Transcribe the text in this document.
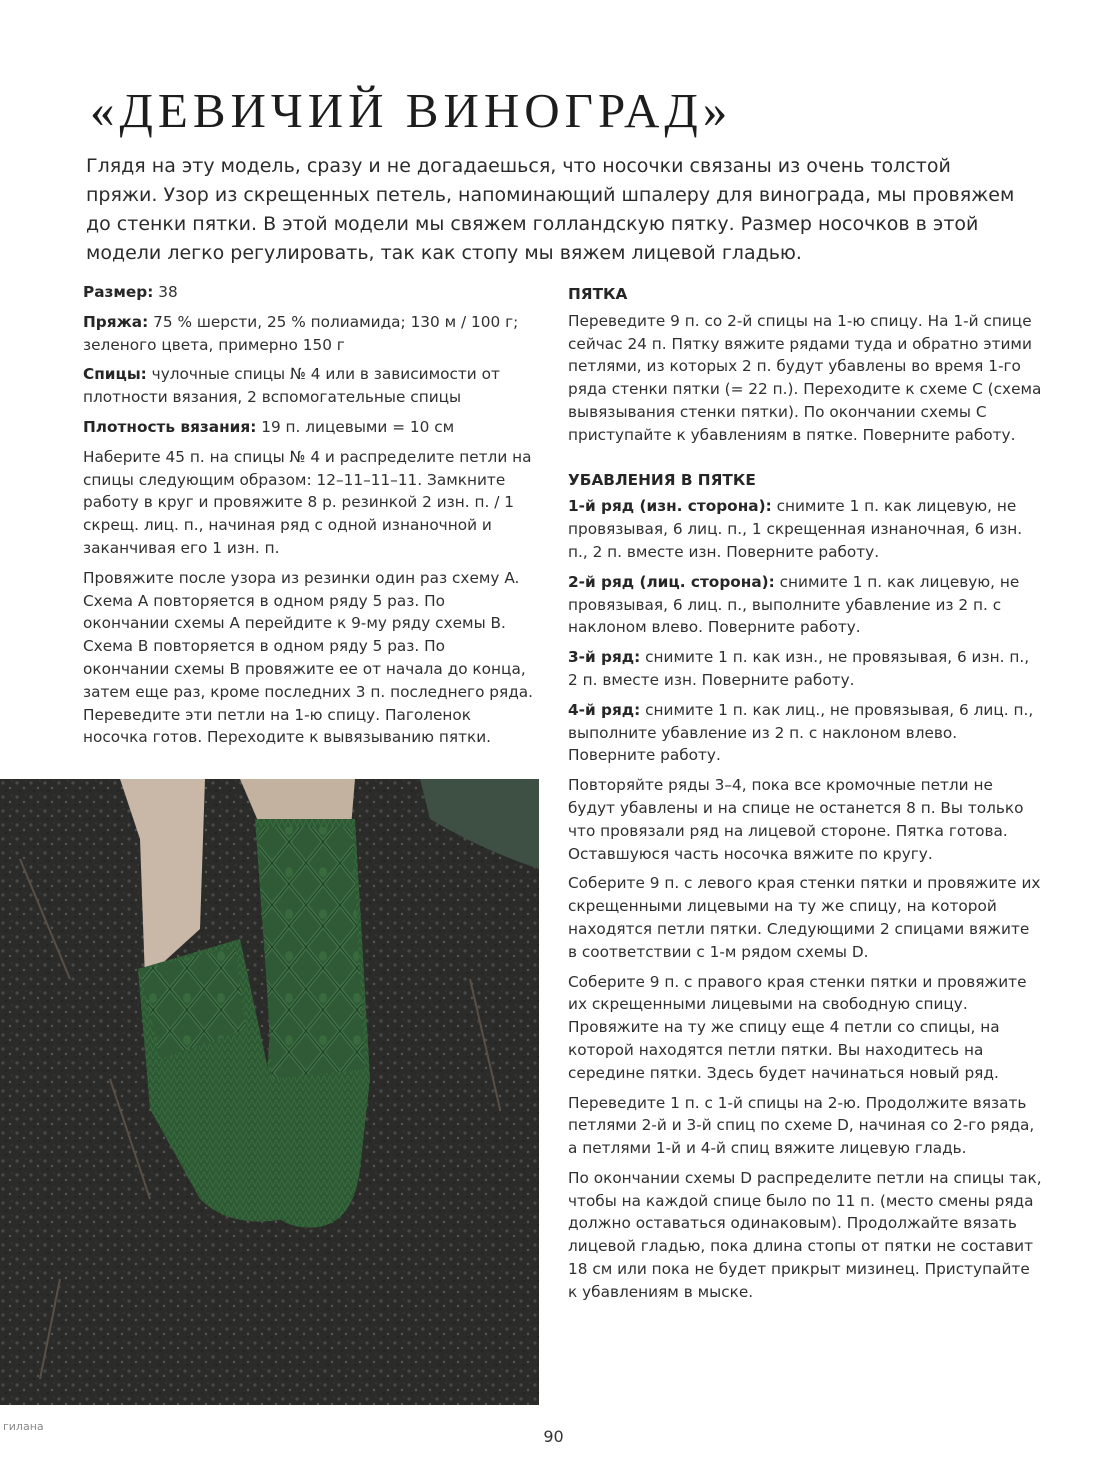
«ДЕВИЧИЙ ВИНОГРАД»

Глядя на эту модель, сразу и не догадаешься, что носочки связаны из очень толстой пряжи. Узор из скрещенных петель, напоминающий шпалеру для винограда, мы провяжем до стенки пятки. В этой модели мы свяжем голландскую пятку. Размер носочков в этой модели легко регулировать, так как стопу мы вяжем лицевой гладью.

Размер: 38

Пряжа: 75 % шерсти, 25 % полиамида; 130 м / 100 г; зеленого цвета, примерно 150 г

Спицы: чулочные спицы № 4 или в зависимости от плотности вязания, 2 вспомогательные спицы

Плотность вязания: 19 п. лицевыми = 10 см

Наберите 45 п. на спицы № 4 и распределите петли на спицы следующим образом: 12–11–11–11. Замкните работу в круг и провяжите 8 р. резинкой 2 изн. п. / 1 скрещ. лиц. п., начиная ряд с одной изнаночной и заканчивая его 1 изн. п.

Провяжите после узора из резинки один раз схему A. Схема A повторяется в одном ряду 5 раз. По окончании схемы A перейдите к 9-му ряду схемы B. Схема B повторяется в одном ряду 5 раз. По окончании схемы B провяжите ее от начала до конца, затем еще раз, кроме последних 3 п. последнего ряда. Переведите эти петли на 1-ю спицу. Паголенок носочка готов. Переходите к вывязыванию пятки.

ПЯТКА

Переведите 9 п. со 2-й спицы на 1-ю спицу. На 1-й спице сейчас 24 п. Пятку вяжите рядами туда и обратно этими петлями, из которых 2 п. будут убавлены во время 1-го ряда стенки пятки (= 22 п.). Переходите к схеме C (схема вывязывания стенки пятки). По окончании схемы C приступайте к убавлениям в пятке. Поверните работу.

УБАВЛЕНИЯ В ПЯТКЕ

1-й ряд (изн. сторона): снимите 1 п. как лицевую, не провязывая, 6 лиц. п., 1 скрещенная изнаночная, 6 изн. п., 2 п. вместе изн. Поверните работу.

2-й ряд (лиц. сторона): снимите 1 п. как лицевую, не провязывая, 6 лиц. п., выполните убавление из 2 п. с наклоном влево. Поверните работу.

3-й ряд: снимите 1 п. как изн., не провязывая, 6 изн. п., 2 п. вместе изн. Поверните работу.

4-й ряд: снимите 1 п. как лиц., не провязывая, 6 лиц. п., выполните убавление из 2 п. с наклоном влево. Поверните работу.

Повторяйте ряды 3–4, пока все кромочные петли не будут убавлены и на спице не останется 8 п. Вы только что провязали ряд на лицевой стороне. Пятка готова. Оставшуюся часть носочка вяжите по кругу.

Соберите 9 п. с левого края стенки пятки и провяжите их скрещенными лицевыми на ту же спицу, на которой находятся петли пятки. Следующими 2 спицами вяжите в соответствии с 1-м рядом схемы D.

Соберите 9 п. с правого края стенки пятки и провяжите их скрещенными лицевыми на свободную спицу. Провяжите на ту же спицу еще 4 петли со спицы, на которой находятся петли пятки. Вы находитесь на середине пятки. Здесь будет начинаться новый ряд.

Переведите 1 п. с 1-й спицы на 2-ю. Продолжите вязать петлями 2-й и 3-й спиц по схеме D, начиная со 2-го ряда, а петлями 1-й и 4-й спиц вяжите лицевую гладь.

По окончании схемы D распределите петли на спицы так, чтобы на каждой спице было по 11 п. (место смены ряда должно оставаться одинаковым). Продолжайте вязать лицевой гладью, пока длина стопы от пятки не составит 18 см или пока не будет прикрыт мизинец. Приступайте к убавлениям в мыске.

гилана
90
